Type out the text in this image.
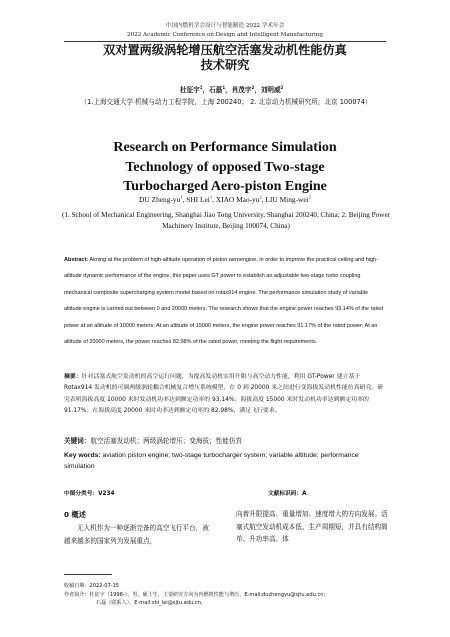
中国内燃机学会设计与智能制造 2022 学术年会
2022 Academic Conference on Design and Intelligent Manufacturing
双对置两级涡轮增压航空活塞发动机性能仿真
技术研究
杜征宇$^1$，石磊$^1$，肖茂宇$^2$，刘明威$^2$
（1.上海交通大学 机械与动力工程学院，上海 200240； 2. 北京动力机械研究所，北京 100074）
Research on Performance Simulation
Technology of opposed Two-stage
Turbocharged Aero-piston Engine
DU Zheng-$yu^1$, SHI Lei$^1$, XIAO Mao-$yu^2$, LIU Ming-wei$^2$
(1. School of Mechanical Engineering, Shanghai Jiao Tong University, Shanghai 200240, China; 2. Beijing Power Machinery Institute, Beijing 100074, China)
Abstract: Aiming at the problem of high-altitude operation of piston aeroengine, in order to improve the practical ceiling and high-altitude dynamic performance of the engine, this paper uses GT power to establish an adjustable two-stage turbo coupling mechanical composite supercharging system model based on rotax914 engine. The performance simulation study of variable altitude engine is carried out between 0 and 20000 meters. The research shows that the engine power reaches 93.14% of the rated power at an altitude of 10000 meters; At an altitude of 15000 meters, the engine power reaches 91.17% of the rated power; At an altitude of 20000 meters, the power reaches 82.98% of the rated power, meeting the flight requirements.
摘要：针对活塞式航空发动机的高空运行问题，为提高发动机实用升限与高空动力性能，利用 GT-Power 建立基于 Rotax914 发动机的可调两级涡轮耦合机械复合增压系统模型，在 0 到 20000 米之间进行变海拔发动机性能仿真研究。研究表明海拔高度 10000 米时发动机功率达到额定功率的 93.14%；海拔高度 15000 米时发动机功率达到额定功率的 91.17%；在海拔高度 20000 米时功率达到额定功率的 82.98%，满足飞行要求。
关键词：航空活塞发动机；两级涡轮增压；变海拔；性能仿真
Key words: aviation piston engine; two-stage turbocharger system; variable altitude; performance simulation
中图分类号：V234	文献标识码：A
0 概述
无人机作为一种逐渐完备的高空飞行平台，被越来越多的国家列为发展重点，
向着升限提高、重量增加、速度增大的方向发展。活塞式航空发动机成本低、生产周期短，并具有结构简单、升功率高、体
收稿日期：2022-07-15
作者简介：杜征宇（1998-），男，硕士生，主要研究方向为内燃机性能与增压，E-mail:duzhengyu@sjtu.edu.cn；
石磊（联系人），E-mail:shi_lei@sjtu.edu.cn。
